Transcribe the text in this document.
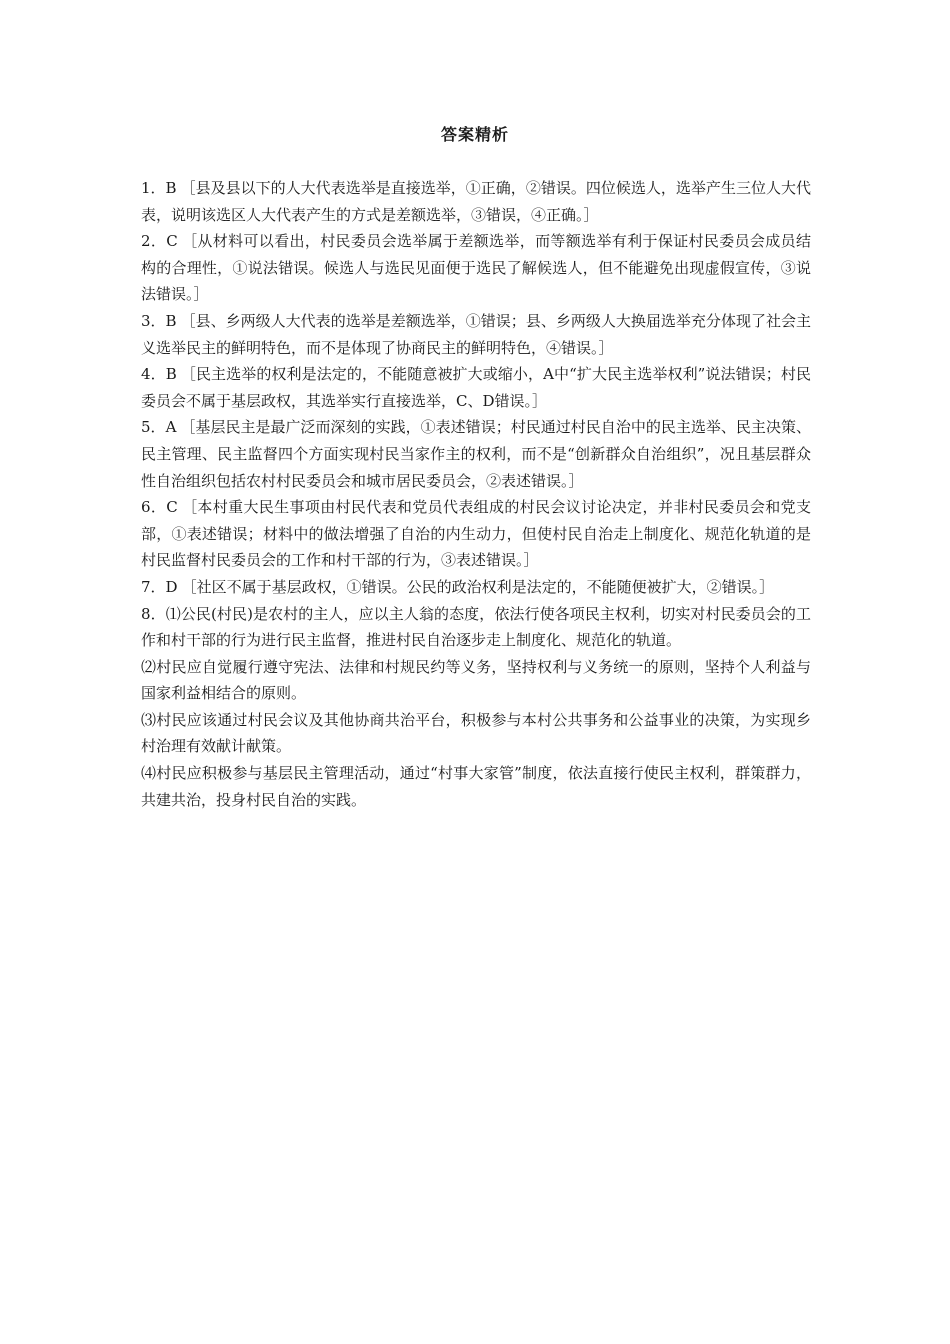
答案精析

1．B ［县及县以下的人大代表选举是直接选举，①正确，②错误。四位候选人，选举产生三位人大代表，说明该选区人大代表产生的方式是差额选举，③错误，④正确。］

2．C ［从材料可以看出，村民委员会选举属于差额选举，而等额选举有利于保证村民委员会成员结构的合理性，①说法错误。候选人与选民见面便于选民了解候选人，但不能避免出现虚假宣传，③说法错误。］

3．B ［县、乡两级人大代表的选举是差额选举，①错误；县、乡两级人大换届选举充分体现了社会主义选举民主的鲜明特色，而不是体现了协商民主的鲜明特色，④错误。］

4．B ［民主选举的权利是法定的，不能随意被扩大或缩小，A中“扩大民主选举权利”说法错误；村民委员会不属于基层政权，其选举实行直接选举，C、D错误。］

5．A ［基层民主是最广泛而深刻的实践，①表述错误；村民通过村民自治中的民主选举、民主决策、民主管理、民主监督四个方面实现村民当家作主的权利，而不是“创新群众自治组织”，况且基层群众性自治组织包括农村村民委员会和城市居民委员会，②表述错误。］

6．C ［本村重大民生事项由村民代表和党员代表组成的村民会议讨论决定，并非村民委员会和党支部，①表述错误；材料中的做法增强了自治的内生动力，但使村民自治走上制度化、规范化轨道的是村民监督村民委员会的工作和村干部的行为，③表述错误。］

7．D ［社区不属于基层政权，①错误。公民的政治权利是法定的，不能随便被扩大，②错误。］

8．⑴公民(村民)是农村的主人，应以主人翁的态度，依法行使各项民主权利，切实对村民委员会的工作和村干部的行为进行民主监督，推进村民自治逐步走上制度化、规范化的轨道。

⑵村民应自觉履行遵守宪法、法律和村规民约等义务，坚持权利与义务统一的原则，坚持个人利益与国家利益相结合的原则。

⑶村民应该通过村民会议及其他协商共治平台，积极参与本村公共事务和公益事业的决策，为实现乡村治理有效献计献策。

⑷村民应积极参与基层民主管理活动，通过“村事大家管”制度，依法直接行使民主权利，群策群力，共建共治，投身村民自治的实践。
